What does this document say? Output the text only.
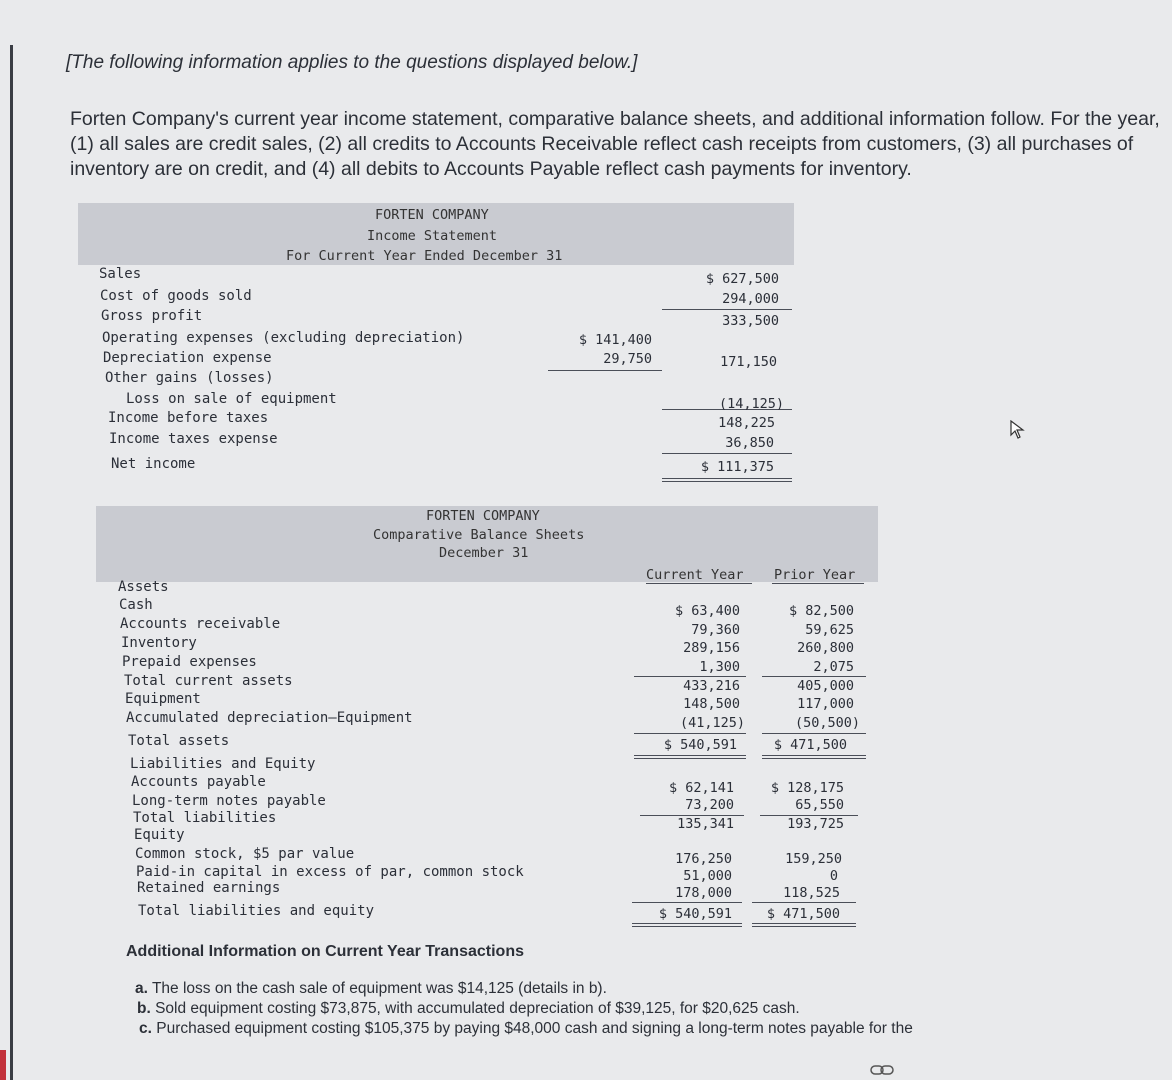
[The following information applies to the questions displayed below.]
Forten Company's current year income statement, comparative balance sheets, and additional information follow. For the year, (1) all sales are credit sales, (2) all credits to Accounts Receivable reflect cash receipts from customers, (3) all purchases of inventory are on credit, and (4) all debits to Accounts Payable reflect cash payments for inventory.
FORTEN COMPANY
Income Statement
For Current Year Ended December 31
Sales	$ 627,500
Cost of goods sold	294,000
Gross profit	333,500
Operating expenses (excluding depreciation)	$ 141,400
Depreciation expense	29,750	171,150
Other gains (losses)
Loss on sale of equipment	(14,125)
Income before taxes	148,225
Income taxes expense	36,850
Net income	$ 111,375
FORTEN COMPANY
Comparative Balance Sheets
December 31
Current Year Prior Year
Assets
Cash	$ 63,400	$ 82,500
Accounts receivable	79,360	59,625
Inventory	289,156	260,800
Prepaid expenses	1,300	2,075
Total current assets	433,216	405,000
Equipment	148,500	117,000
Accumulated depreciation–Equipment	(41,125)	(50,500)
Total assets	$ 540,591	$ 471,500
Liabilities and Equity
Accounts payable	$ 62,141	$ 128,175
Long-term notes payable	73,200	65,550
Total liabilities	135,341	193,725
Equity
Common stock, $5 par value	176,250	159,250
Paid-in capital in excess of par, common stock	51,000	0
Retained earnings	178,000	118,525
Total liabilities and equity	$ 540,591	$ 471,500
Additional Information on Current Year Transactions
a. The loss on the cash sale of equipment was $14,125 (details in b).
b. Sold equipment costing $73,875, with accumulated depreciation of $39,125, for $20,625 cash.
c. Purchased equipment costing $105,375 by paying $48,000 cash and signing a long-term notes payable for the
